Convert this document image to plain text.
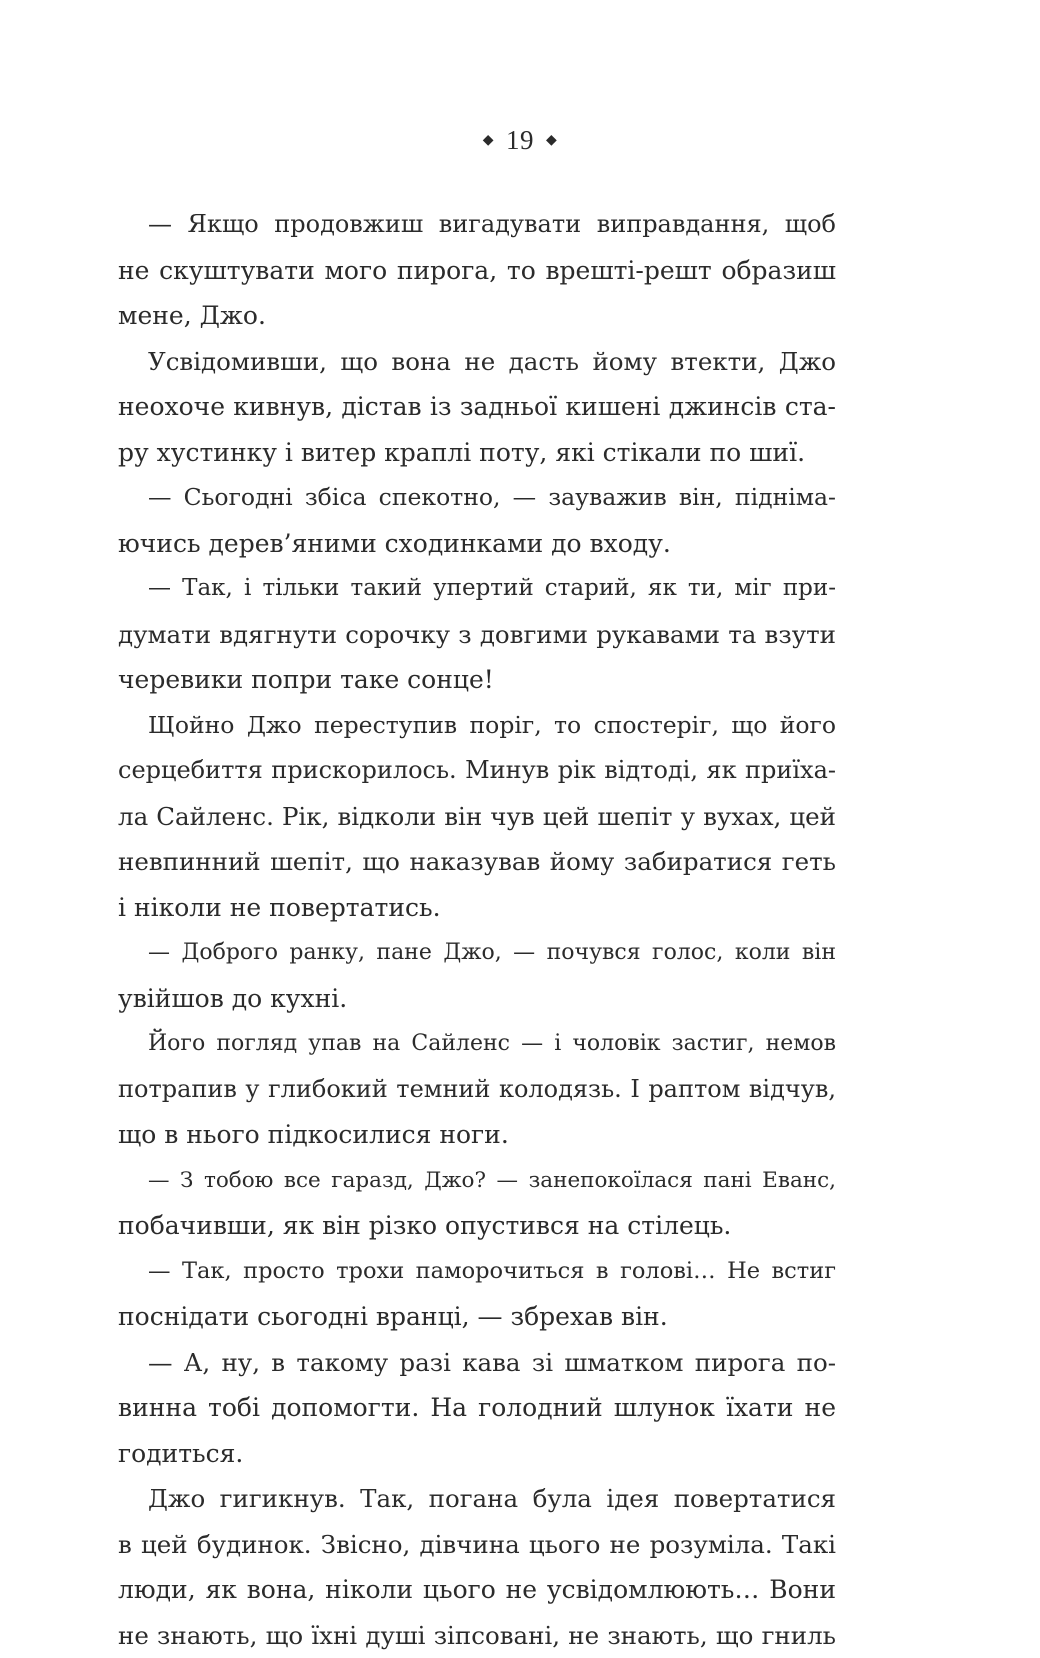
◆ 19 ◆
— Якщо продовжиш вигадувати виправдання, щоб
не скуштувати мого пирога, то врешті-решт образиш
мене, Джо.
Усвідомивши, що вона не дасть йому втекти, Джо
неохоче кивнув, дістав із задньої кишені джинсів ста-
ру хустинку і витер краплі поту, які стікали по шиї.
— Сьогодні збіса спекотно, — зауважив він, підніма-
ючись дерев’яними сходинками до входу.
— Так, і тільки такий упертий старий, як ти, міг при-
думати вдягнути сорочку з довгими рукавами та взути
черевики попри таке сонце!
Щойно Джо переступив поріг, то спостеріг, що його
серцебиття прискорилось. Минув рік відтоді, як приїха-
ла Сайленс. Рік, відколи він чув цей шепіт у вухах, цей
невпинний шепіт, що наказував йому забиратися геть
і ніколи не повертатись.
— Доброго ранку, пане Джо, — почувся голос, коли він
увійшов до кухні.
Його погляд упав на Сайленс — і чоловік застиг, немов
потрапив у глибокий темний колодязь. І раптом відчув,
що в нього підкосилися ноги.
— З тобою все гаразд, Джо? — занепокоїлася пані Еванс,
побачивши, як він різко опустився на стілець.
— Так, просто трохи паморочиться в голові… Не встиг
поснідати сьогодні вранці, — збрехав він.
— А, ну, в такому разі кава зі шматком пирога по-
винна тобі допомогти. На голодний шлунок їхати не
годиться.
Джо гигикнув. Так, погана була ідея повертатися
в цей будинок. Звісно, дівчина цього не розуміла. Такі
люди, як вона, ніколи цього не усвідомлюють… Вони
не знають, що їхні душі зіпсовані, не знають, що гниль
